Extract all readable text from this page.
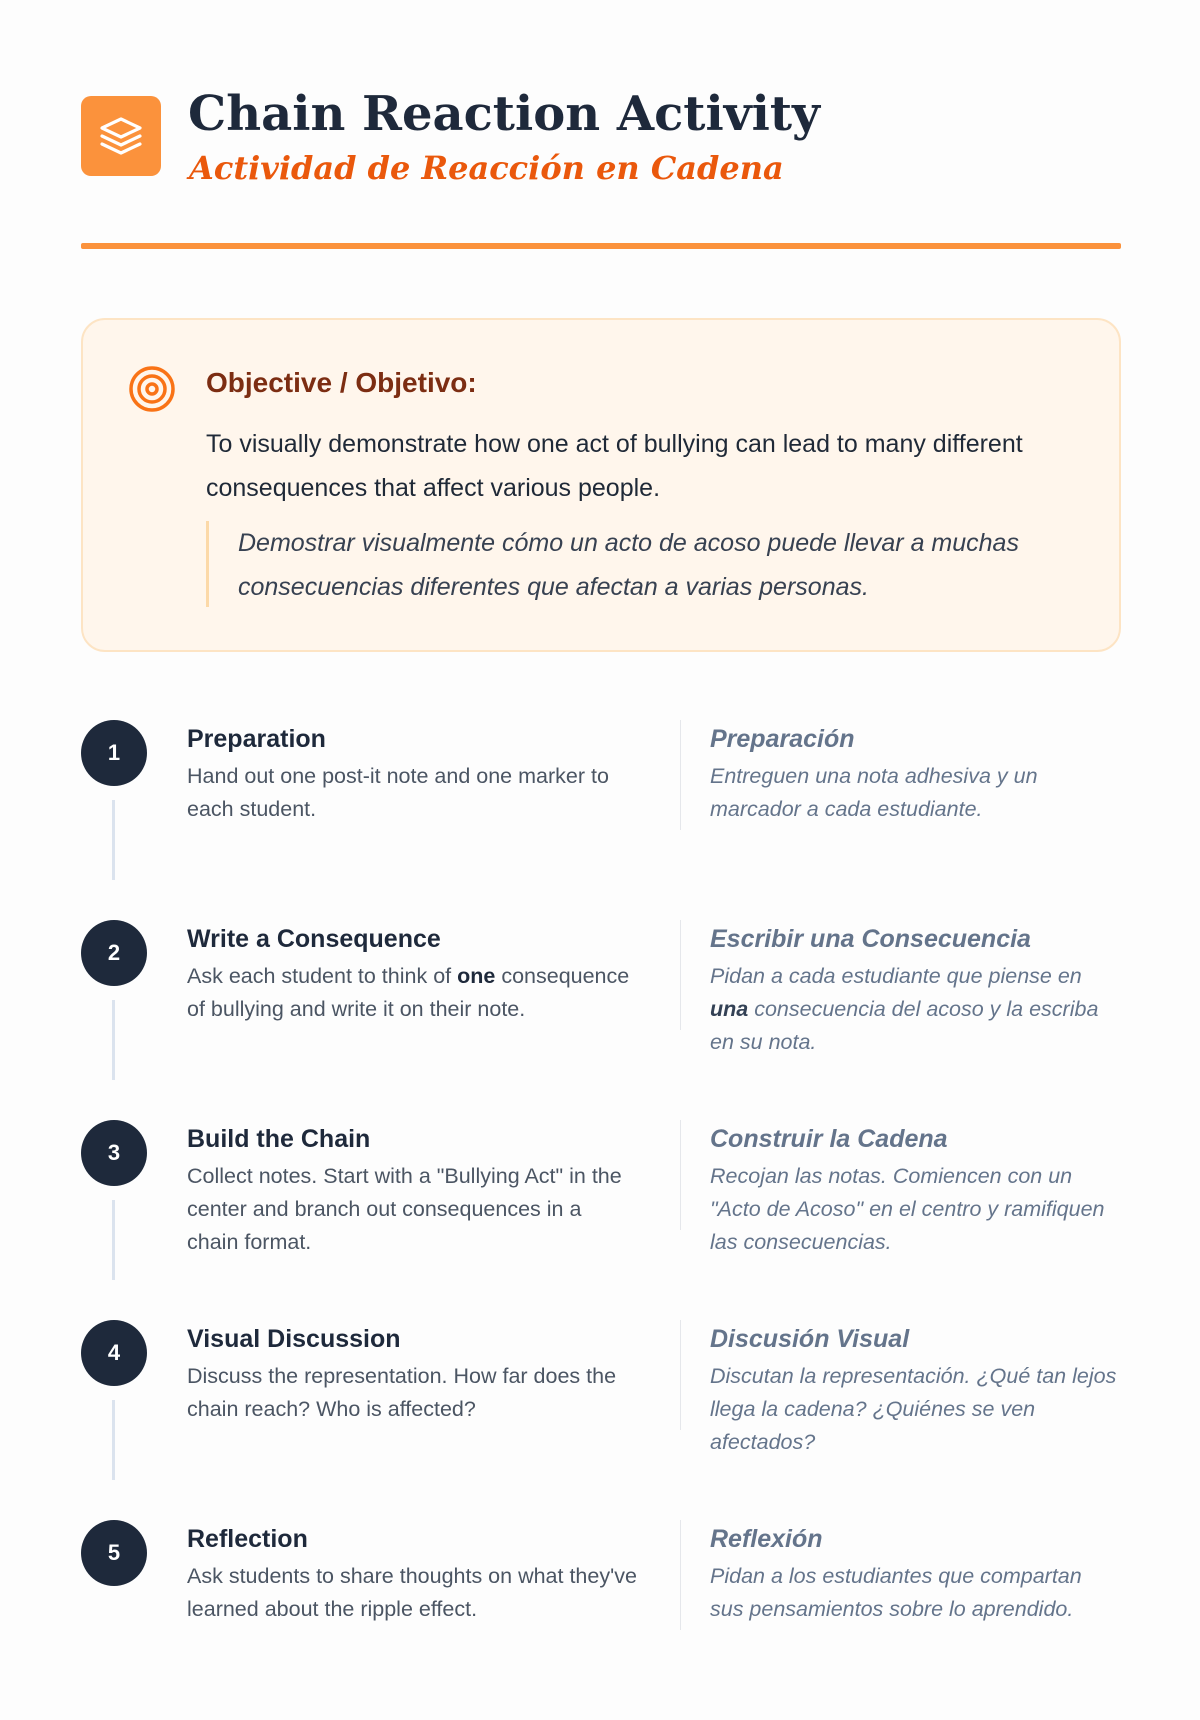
Chain Reaction Activity
Actividad de Reacción en Cadena
Objective / Objetivo:

To visually demonstrate how one act of bullying can lead to many different consequences that affect various people.

Demostrar visualmente cómo un acto de acoso puede llevar a muchas consecuencias diferentes que afectan a varias personas.

1	Preparation

Hand out one post-it note and one marker to each student.

Preparación

Entreguen una nota adhesiva y un marcador a cada estudiante.

2	Write a Consequence

Ask each student to think of one consequence of bullying and write it on their note.

Escribir una Consecuencia

Pidan a cada estudiante que piense en una consecuencia del acoso y la escriba en su nota.

3	Build the Chain

Collect notes. Start with a "Bullying Act" in the center and branch out consequences in a chain format.

Construir la Cadena

Recojan las notas. Comiencen con un "Acto de Acoso" en el centro y ramifiquen las consecuencias.

4	Visual Discussion

Discuss the representation. How far does the chain reach? Who is affected?

Discusión Visual

Discutan la representación. ¿Qué tan lejos llega la cadena? ¿Quiénes se ven afectados?

5	Reflection

Ask students to share thoughts on what they've learned about the ripple effect.

Reflexión

Pidan a los estudiantes que compartan sus pensamientos sobre lo aprendido.
